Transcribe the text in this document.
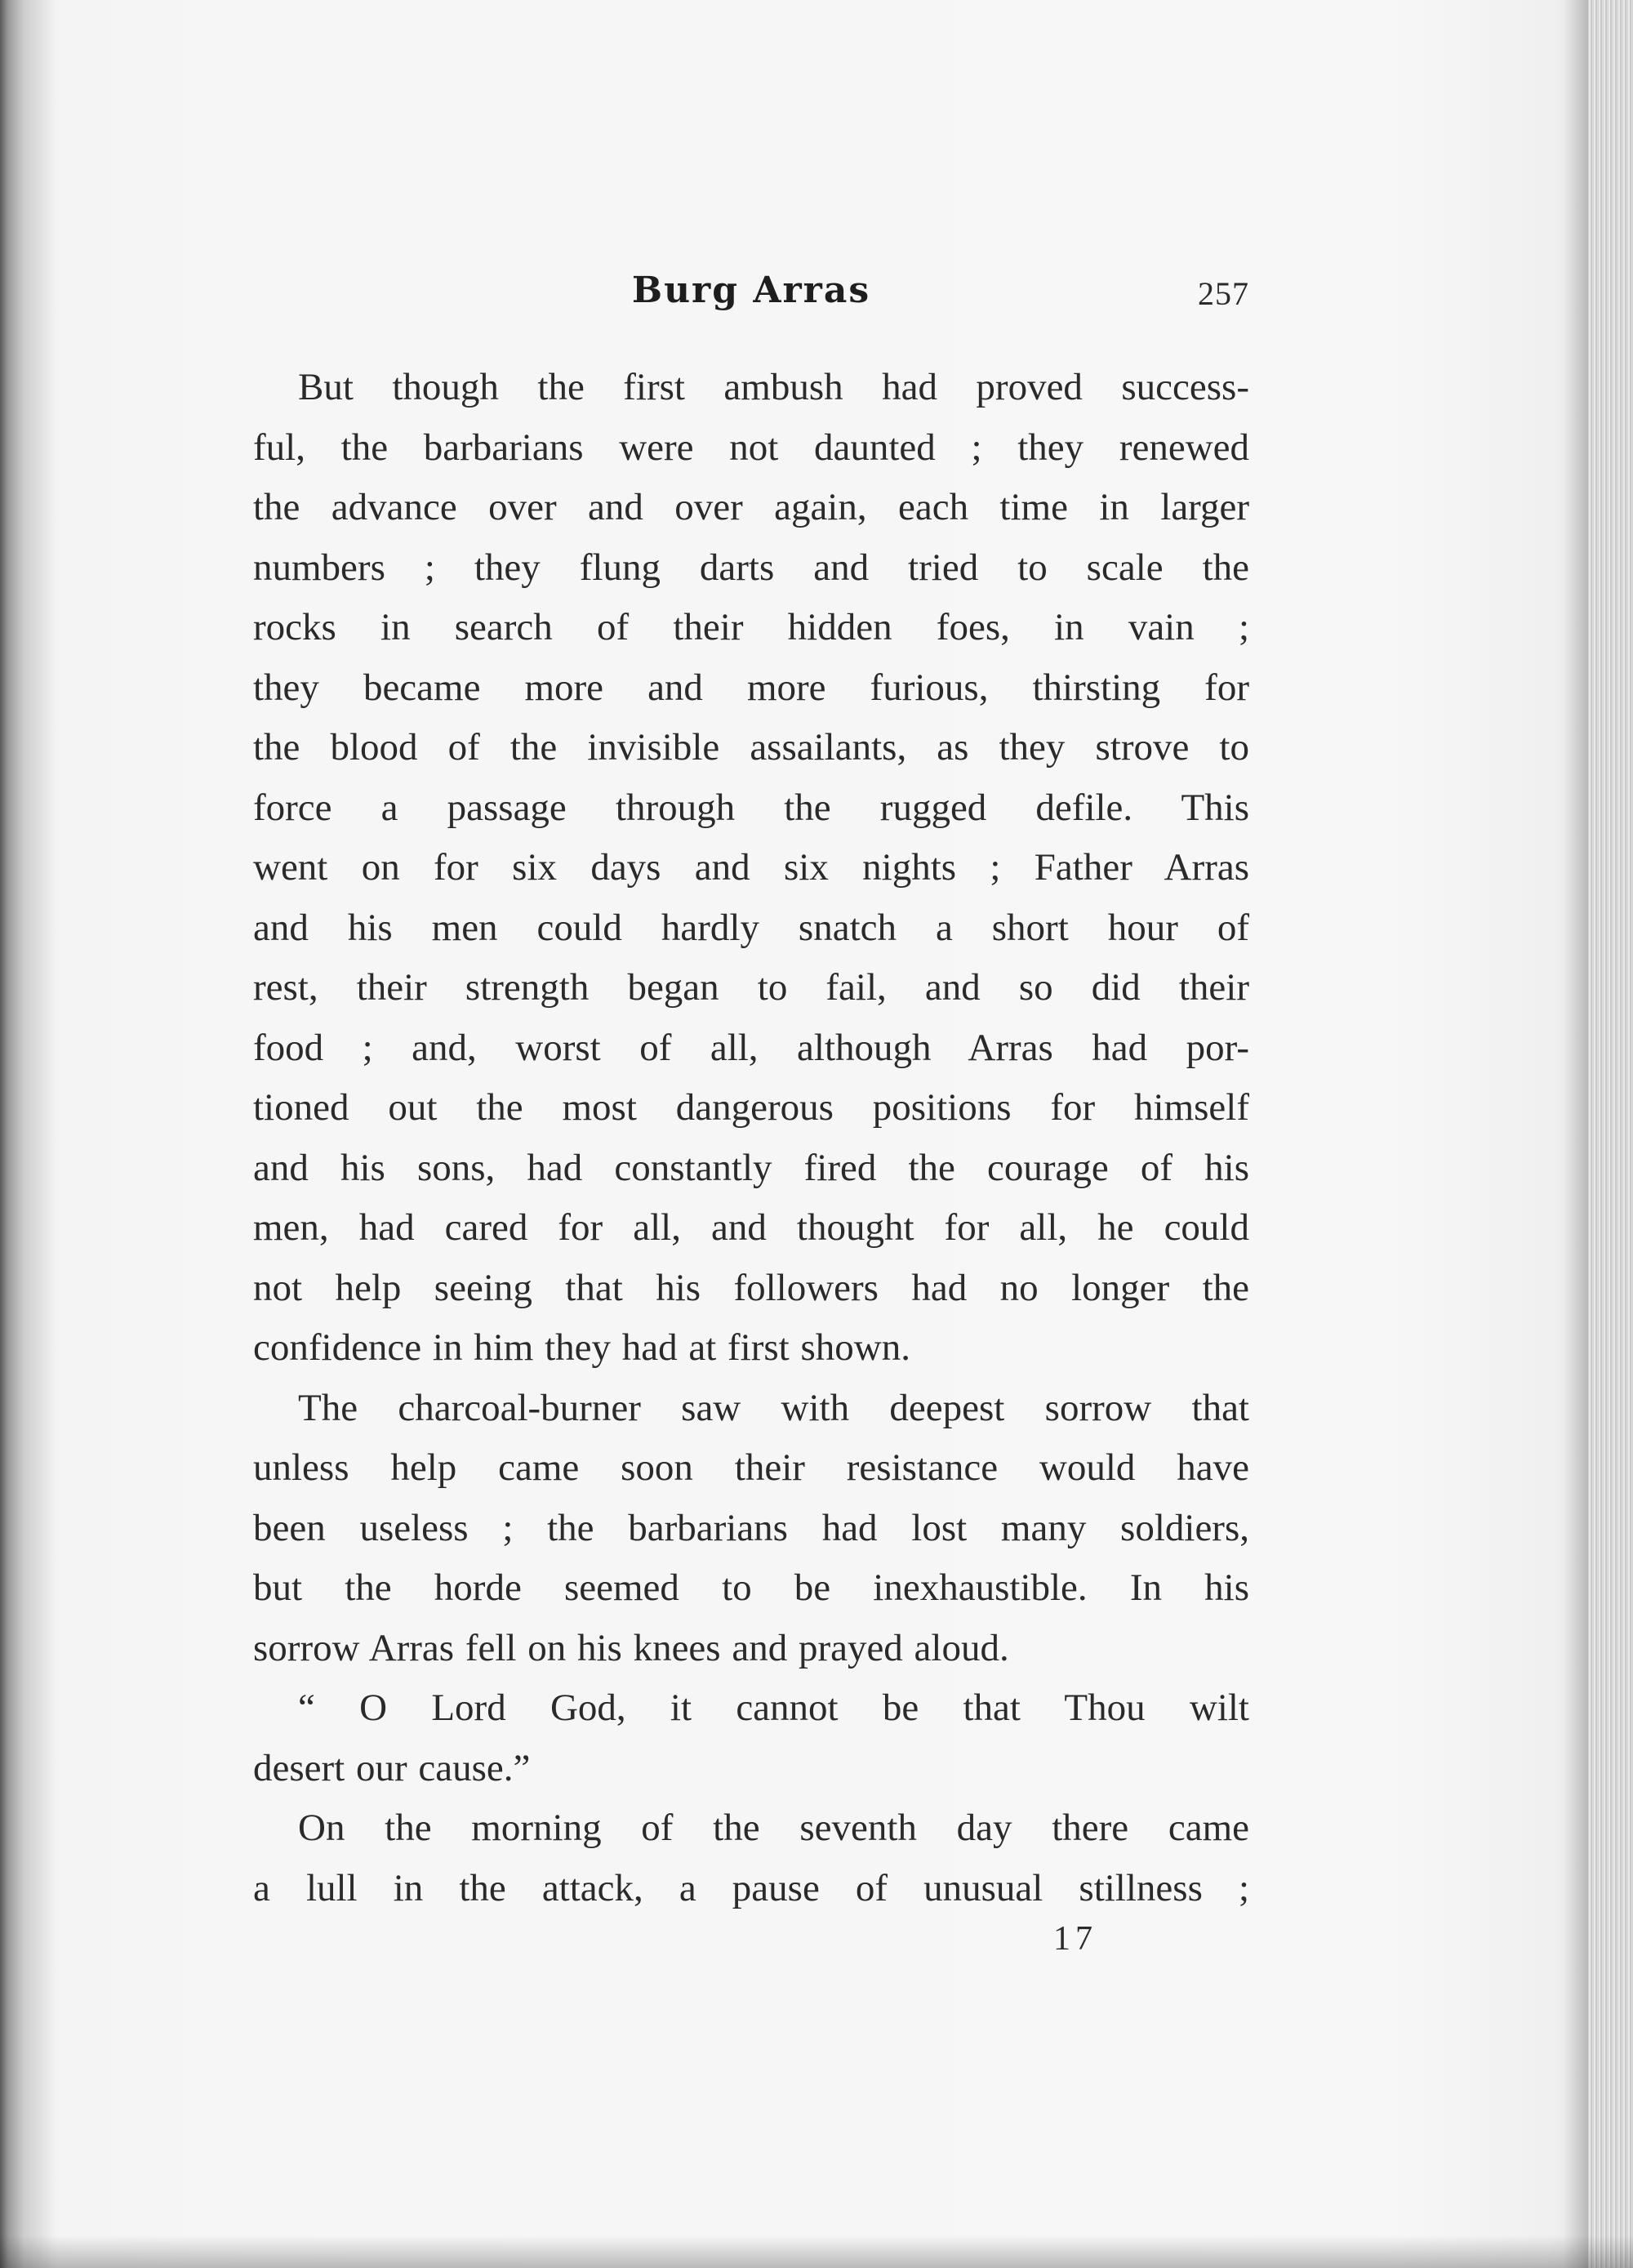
Burg Arras	257
But though the first ambush had proved success-
ful, the barbarians were not daunted ; they renewed
the advance over and over again, each time in larger
numbers ; they flung darts and tried to scale the
rocks in search of their hidden foes, in vain ;
they became more and more furious, thirsting for
the blood of the invisible assailants, as they strove to
force a passage through the rugged defile. This
went on for six days and six nights ; Father Arras
and his men could hardly snatch a short hour of
rest, their strength began to fail, and so did their
food ; and, worst of all, although Arras had por-
tioned out the most dangerous positions for himself
and his sons, had constantly fired the courage of his
men, had cared for all, and thought for all, he could
not help seeing that his followers had no longer the
confidence in him they had at first shown.
The charcoal-burner saw with deepest sorrow that
unless help came soon their resistance would have
been useless ; the barbarians had lost many soldiers,
but the horde seemed to be inexhaustible. In his
sorrow Arras fell on his knees and prayed aloud.
“ O Lord God, it cannot be that Thou wilt
desert our cause.”
On the morning of the seventh day there came
a lull in the attack, a pause of unusual stillness ;
17
